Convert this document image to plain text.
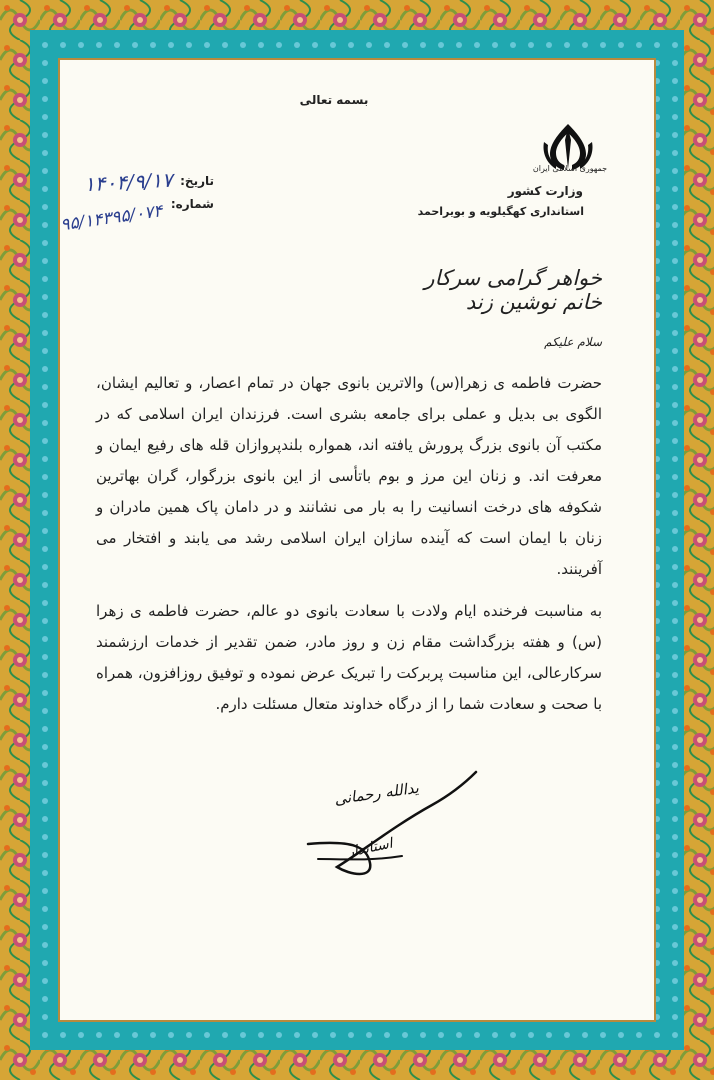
بسمه تعالی
جمهوری اسلامی ایران
وزارت کشور
استانداری کهگیلویه و بویراحمد
تاریخ:
۱۴۰۴/۹/۱۷
شماره:
۹۵/۱۴۳۹۵/۰۷۴
خواهر گرامی سرکار خانم نوشین زند
سلام علیکم
حضرت فاطمه ی زهرا(س) والاترین بانوی جهان در تمام اعصار، و تعالیم ایشان، الگوی بی بدیل و عملی برای جامعه بشری است. فرزندان ایران اسلامی که در مکتب آن بانوی بزرگ پرورش یافته اند، همواره بلندپروازان قله های رفیع ایمان و معرفت اند. و زنان این مرز و بوم باتأسی از این بانوی بزرگوار، گران بهاترین شکوفه های درخت انسانیت را به بار می نشانند و در دامان پاک همین مادران و زنان با ایمان است که آینده سازان ایران اسلامی رشد می یابند و افتخار می آفرینند.
به مناسبت فرخنده ایام ولادت با سعادت بانوی دو عالم، حضرت فاطمه ی زهرا (س) و هفته بزرگداشت مقام زن و روز مادر، ضمن تقدیر از خدمات ارزشمند سرکارعالی، این مناسبت پربرکت را تبریک عرض نموده و توفیق روزافزون، همراه با صحت و سعادت شما را از درگاه خداوند متعال مسئلت دارم.
یدالله رحمانی
استاندار
